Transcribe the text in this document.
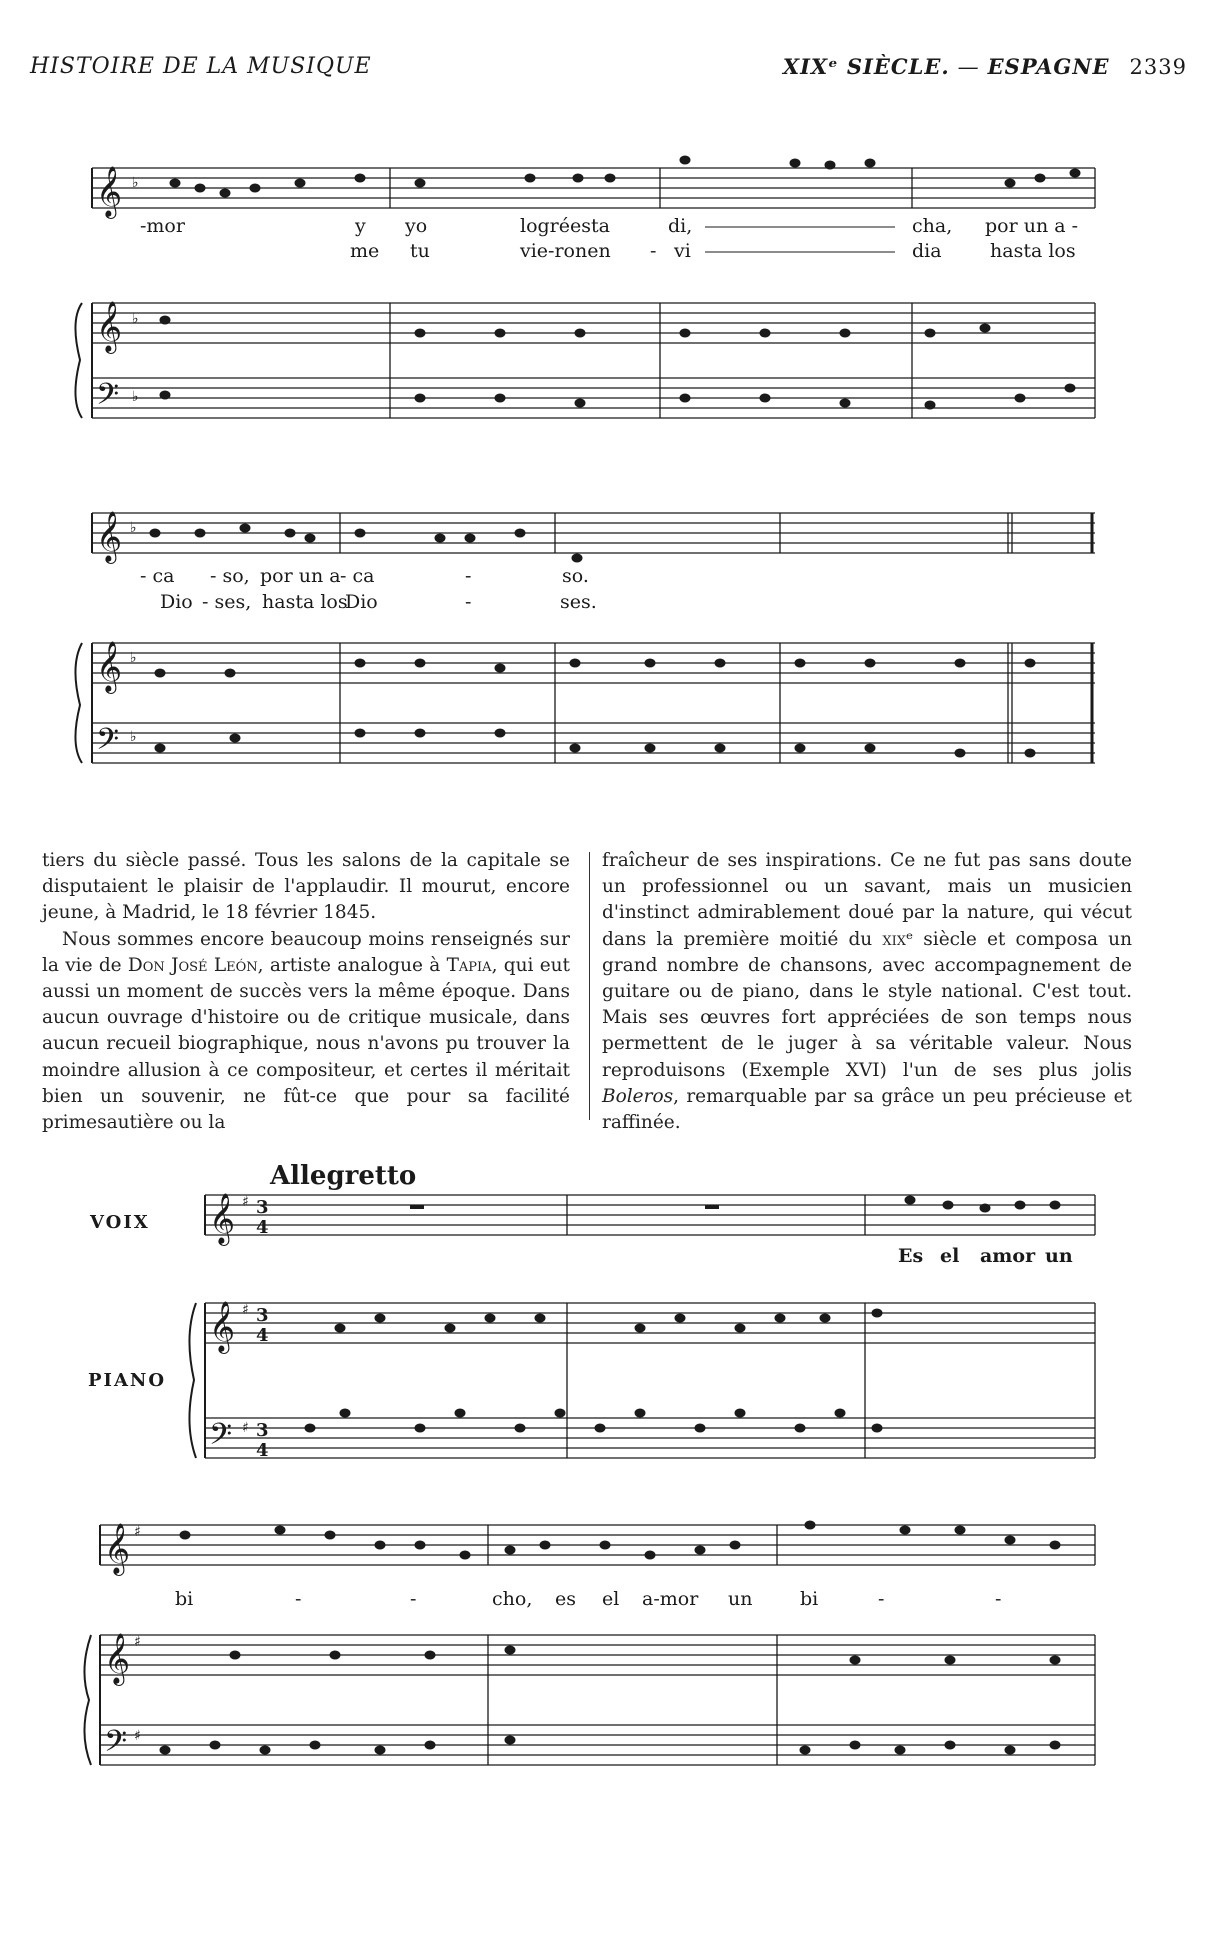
HISTOIRE DE LA MUSIQUE	XIXᵉ SIÈCLE. — ESPAGNE 2339
𝄞
𝄞
𝄢
♭
♭
♭
-mor	y yo	logréesta	di,	cha, por un a -
me tu	vie-ronen - vi	dia	hasta los
𝄞
𝄞
𝄢
♭
♭
♭
- ca - so, por un a - ca	-	so.
Dio - ses, hasta los
Dio	-	ses.

tiers du siècle passé. Tous les salons de la capitale se disputaient le plaisir de l'applaudir. Il mourut, encore jeune, à Madrid, le 18 février 1845.

Nous sommes encore beaucoup moins renseignés sur la vie de Don José León, artiste analogue à Tapia, qui eut aussi un moment de succès vers la même époque. Dans aucun ouvrage d'histoire ou de critique musicale, dans aucun recueil biographique, nous n'avons pu trouver la moindre allusion à ce compositeur, et certes il méritait bien un souvenir, ne fût-ce que pour sa facilité primesautière ou la

fraîcheur de ses inspirations. Ce ne fut pas sans doute un professionnel ou un savant, mais un musicien d'instinct admirablement doué par la nature, qui vécut dans la première moitié du xixᵉ siècle et composa un grand nombre de chansons, avec accompagnement de guitare ou de piano, dans le style national. C'est tout. Mais ses œuvres fort appréciées de son temps nous permettent de le juger à sa véritable valeur. Nous reproduisons (Exemple XVI) l'un de ses plus jolis Boleros, remarquable par sa grâce un peu précieuse et raffinée.

Allegretto
VOIX
PIANO
𝄞
𝄞
𝄢
♯
♯
♯
3
4
3
4
3
4
Es el amor un
𝄞
𝄞
𝄢
♯
♯
♯
bi	-	-	cho, es el a-mor un	bi	-	-
